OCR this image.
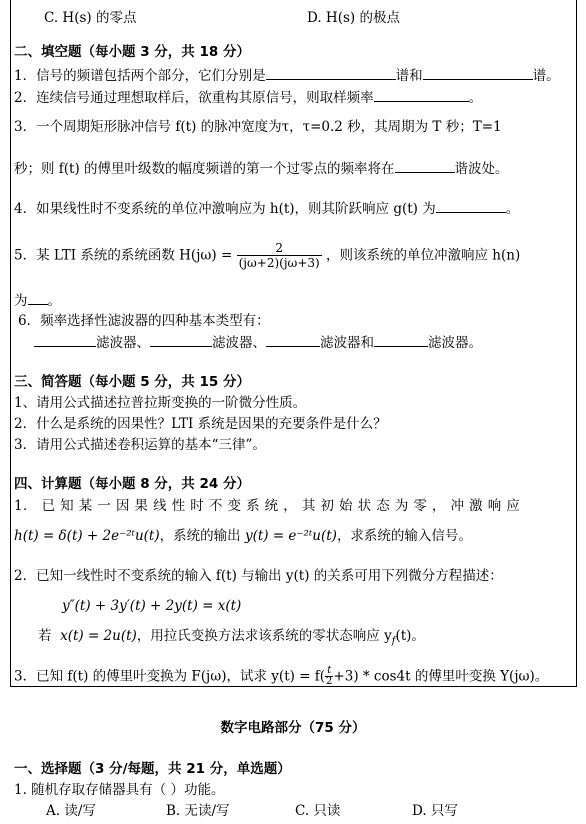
C. H(s) 的零点	D. H(s) 的极点
二、填空题（每小题 3 分，共 18 分）
1．信号的频谱包括两个部分，它们分别是	谱和	谱。
2．连续信号通过理想取样后，欲重构其原信号，则取样频率	。
3．一个周期矩形脉冲信号 f(t) 的脉冲宽度为τ，τ=0.2 秒，其周期为 T 秒；T=1
秒；则 f(t) 的傅里叶级数的幅度频谱的第一个过零点的频率将在	谐波处。
4．如果线性时不变系统的单位冲激响应为 h(t)，则其阶跃响应 g(t) 为	。
5．某 LTI 系统的系统函数 $H(j\omega) = \frac{2}{(j\omega+2)(j\omega+3)}$ ，则该系统的单位冲激响应 h(n)
为 。
6．频率选择性滤波器的四种基本类型有：
滤波器、	滤波器、	滤波器和	滤波器。
三、简答题（每小题 5 分，共 15 分）
1、请用公式描述拉普拉斯变换的一阶微分性质。
2．什么是系统的因果性？LTI 系统是因果的充要条件是什么？
3．请用公式描述卷积运算的基本“三律”。
四、计算题（每小题 8 分，共 24 分）
1． 已 知 某 一 因 果 线 性 时 不 变 系 统 ， 其 初 始 状 态 为 零 ， 冲 激 响 应
h(t) = δ(t) + 2e⁻²ᵗu(t)，系统的输出 y(t) = e⁻²ᵗu(t)，求系统的输入信号。
2．已知一线性时不变系统的输入 f(t) 与输出 y(t) 的关系可用下列微分方程描述：
y″(t) + 3y′(t) + 2y(t) = x(t)
若 x(t) = 2u(t)，用拉氏变换方法求该系统的零状态响应 $y_f(t)$。
3．已知 f(t) 的傅里叶变换为 F(jω)，试求 $y(t) = f( \frac{t}{2} +3) * \cos 4t$ 的傅里叶变换 Y(jω)。
数字电路部分（75 分）
一、选择题（3 分/每题，共 21 分，单选题）
1. 随机存取存储器具有（ ）功能。
A. 读/写	B. 无读/写	C. 只读	D. 只写
